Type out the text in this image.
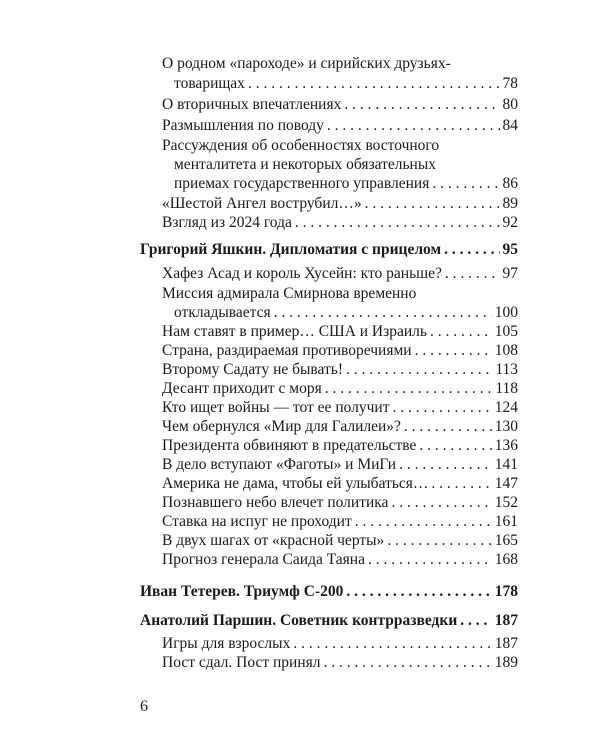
О родном «пароходе» и сирийских друзьях-
товарищах . . .	78
О вторичных впечатлениях . . .	80
Размышления по поводу . . .	84
Рассуждения об особенностях восточного
менталитета и некоторых обязательных
приемах государственного управления . . .	86
«Шестой Ангел вострубил…» . . .	89
Взгляд из 2024 года . . .	92
Григорий Яшкин. Дипломатия с прицелом . . .	95
Хафез Асад и король Хусейн: кто раньше? . . .	97
Миссия адмирала Смирнова временно
откладывается . . .	100
Нам ставят в пример… США и Израиль . . .	105
Страна, раздираемая противоречиями . . .	108
Второму Садату не бывать! . . .	113
Десант приходит с моря . . .	118
Кто ищет войны — тот ее получит . . .	124
Чем обернулся «Мир для Галилеи»? . . .	130
Президента обвиняют в предательстве . . .	136
В дело вступают «Фаготы» и МиГи . . .	141
Америка не дама, чтобы ей улыбаться… . . .	147
Познавшего небо влечет политика . . .	152
Ставка на испуг не проходит . . .	161
В двух шагах от «красной черты» . . .	165
Прогноз генерала Саида Таяна . . .	168
Иван Тетерев. Триумф С-200 . . .	178
Анатолий Паршин. Советник контрразведки . . . 187
Игры для взрослых . . .	187
Пост сдал. Пост принял . . .	189
6
